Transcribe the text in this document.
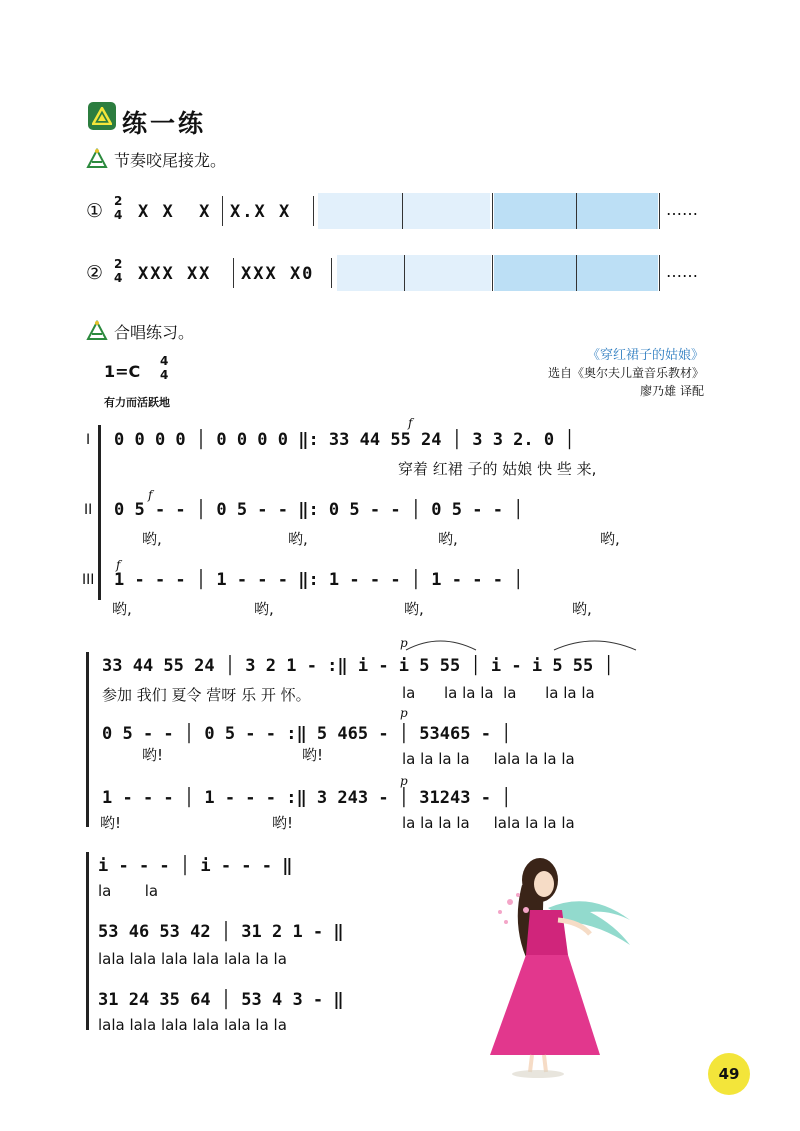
练一练
节奏咬尾接龙。
① 2
4 X X  X X.X X	……
② 2
4 XXX XX XXX X0	……
合唱练习。
1=C
4
4
有力而活跃地
《穿红裙子的姑娘》
选自《奥尔夫儿童音乐教材》
廖乃雄 译配
I
II
III
f
f
f
0 0 0 0 │ 0 0 0 0 ‖: 33 44 55 24 │ 3 3 2. 0 │
穿着 红裙 子的 姑娘 快 些 来,
0 5 - - │ 0 5 - - ‖: 0 5 - - │ 0 5 - - │
哟,	哟,	哟,	哟,
1 - - - │ 1 - - - ‖: 1 - - - │ 1 - - - │
哟,	哟,	哟,	哟,
p
p
p
33 44 55 24 │ 3 2 1 - :‖ i - i 5 55 │ i - i 5 55 │
参加 我们 夏令 营呀 乐 开 怀。	la      la la la  la      la la la
0 5 - - │ 0 5 - - :‖ 5 465 - │ 53465 - │
哟!	哟!	la la la la     lala la la la
1 - - - │ 1 - - - :‖ 3 243 - │ 31243 - │
哟!	哟!	la la la la     lala la la la
i - - - │ i - - - ‖
la       la
53 46 53 42 │ 31 2 1 - ‖
lala lala lala lala lala la la
31 24 35 64 │ 53 4 3 - ‖
lala lala lala lala lala la la
49
